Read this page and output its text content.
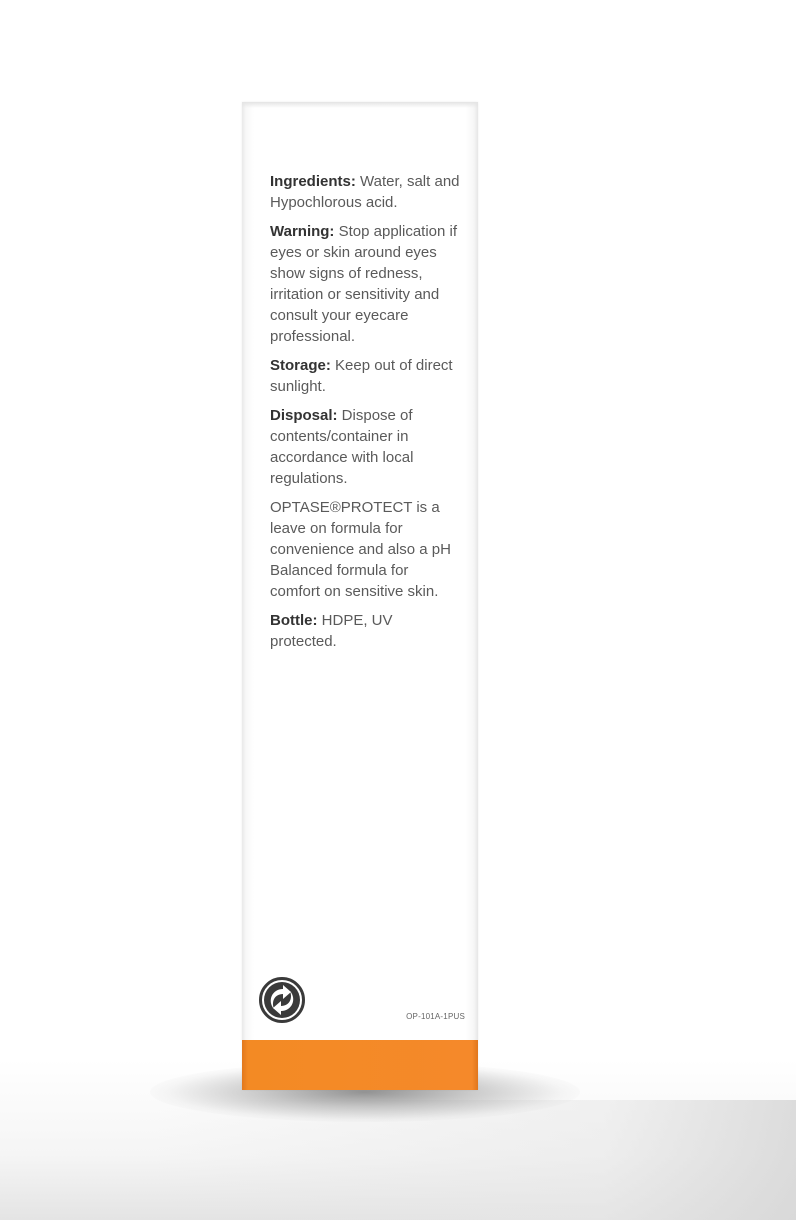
Ingredients: Water, salt and Hypochlorous acid.

Warning: Stop application if eyes or skin around eyes show signs of redness, irritation or sensitivity and consult your eyecare professional.

Storage: Keep out of direct sunlight.

Disposal: Dispose of contents/container in accordance with local regulations.

OPTASE®PROTECT is a leave on formula for convenience and also a pH Balanced formula for comfort on sensitive skin.

Bottle: HDPE, UV protected.

OP-101A-1PUS
